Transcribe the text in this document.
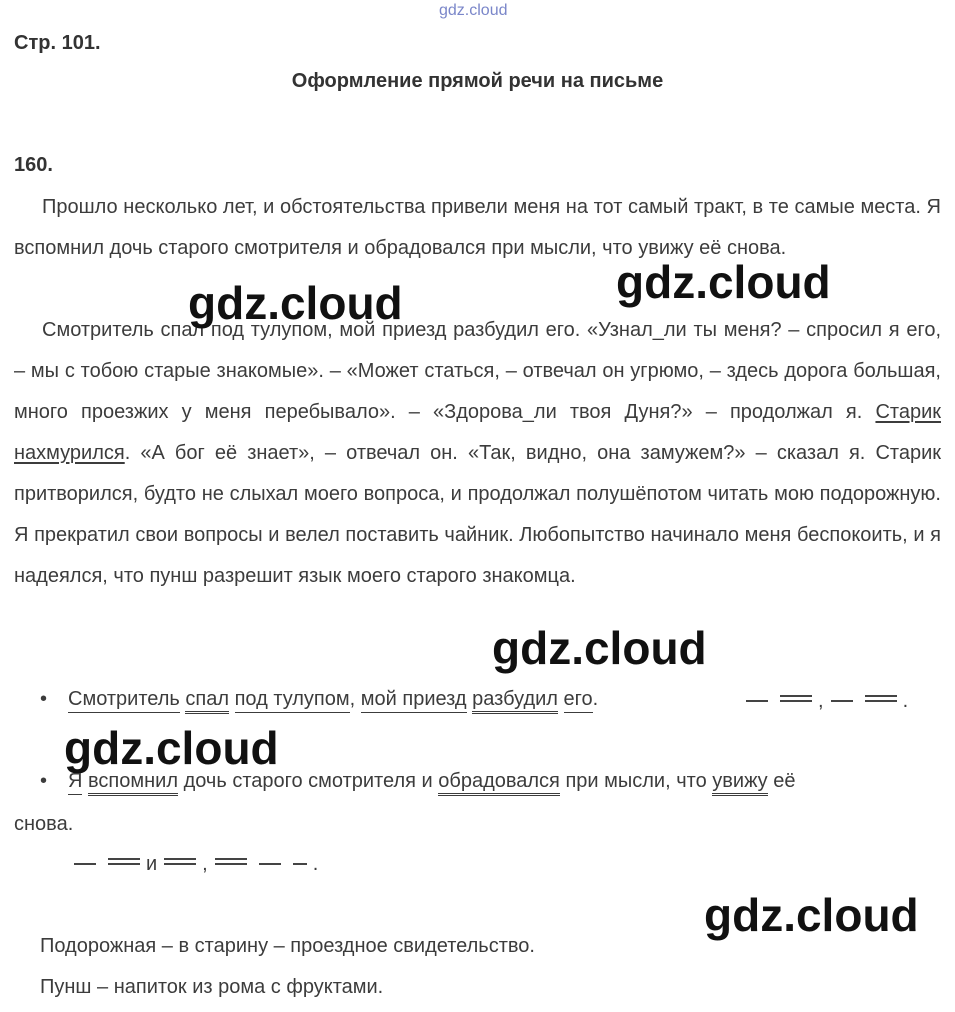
gdz.cloud
Стр. 101.
Оформление прямой речи на письме
160.

Прошло несколько лет, и обстоятельства привели меня на тот самый тракт, в те самые места. Я вспомнил дочь старого смотрителя и обрадовался при мысли, что увижу её снова.

Смотритель спал под тулупом, мой приезд разбудил его. «Узнал_ли ты меня? – спросил я его, – мы с тобою старые знакомые». – «Может статься, – отвечал он угрюмо, – здесь дорога большая, много проезжих у меня перебывало». – «Здорова_ли твоя Дуня?» – продолжал я. Старик нахмурился. «А бог её знает», – отвечал он. «Так, видно, она замужем?» – сказал я. Старик притворился, будто не слыхал моего вопроса, и продолжал полушёпотом читать мою подорожную. Я прекратил свои вопросы и велел поставить чайник. Любопытство начинало меня беспокоить, и я надеялся, что пунш разрешит язык моего старого знакомца.

gdz.cloud	gdz.cloud
• Смотритель спал под тулупом, мой приезд разбудил его.	,	.
gdz.cloud
gdz.cloud
• Я вспомнил дочь старого смотрителя и обрадовался при мысли, что увижу её
снова.
и ,	.
gdz.cloud
Подорожная – в старину – проездное свидетельство.
Пунш – напиток из рома с фруктами.
